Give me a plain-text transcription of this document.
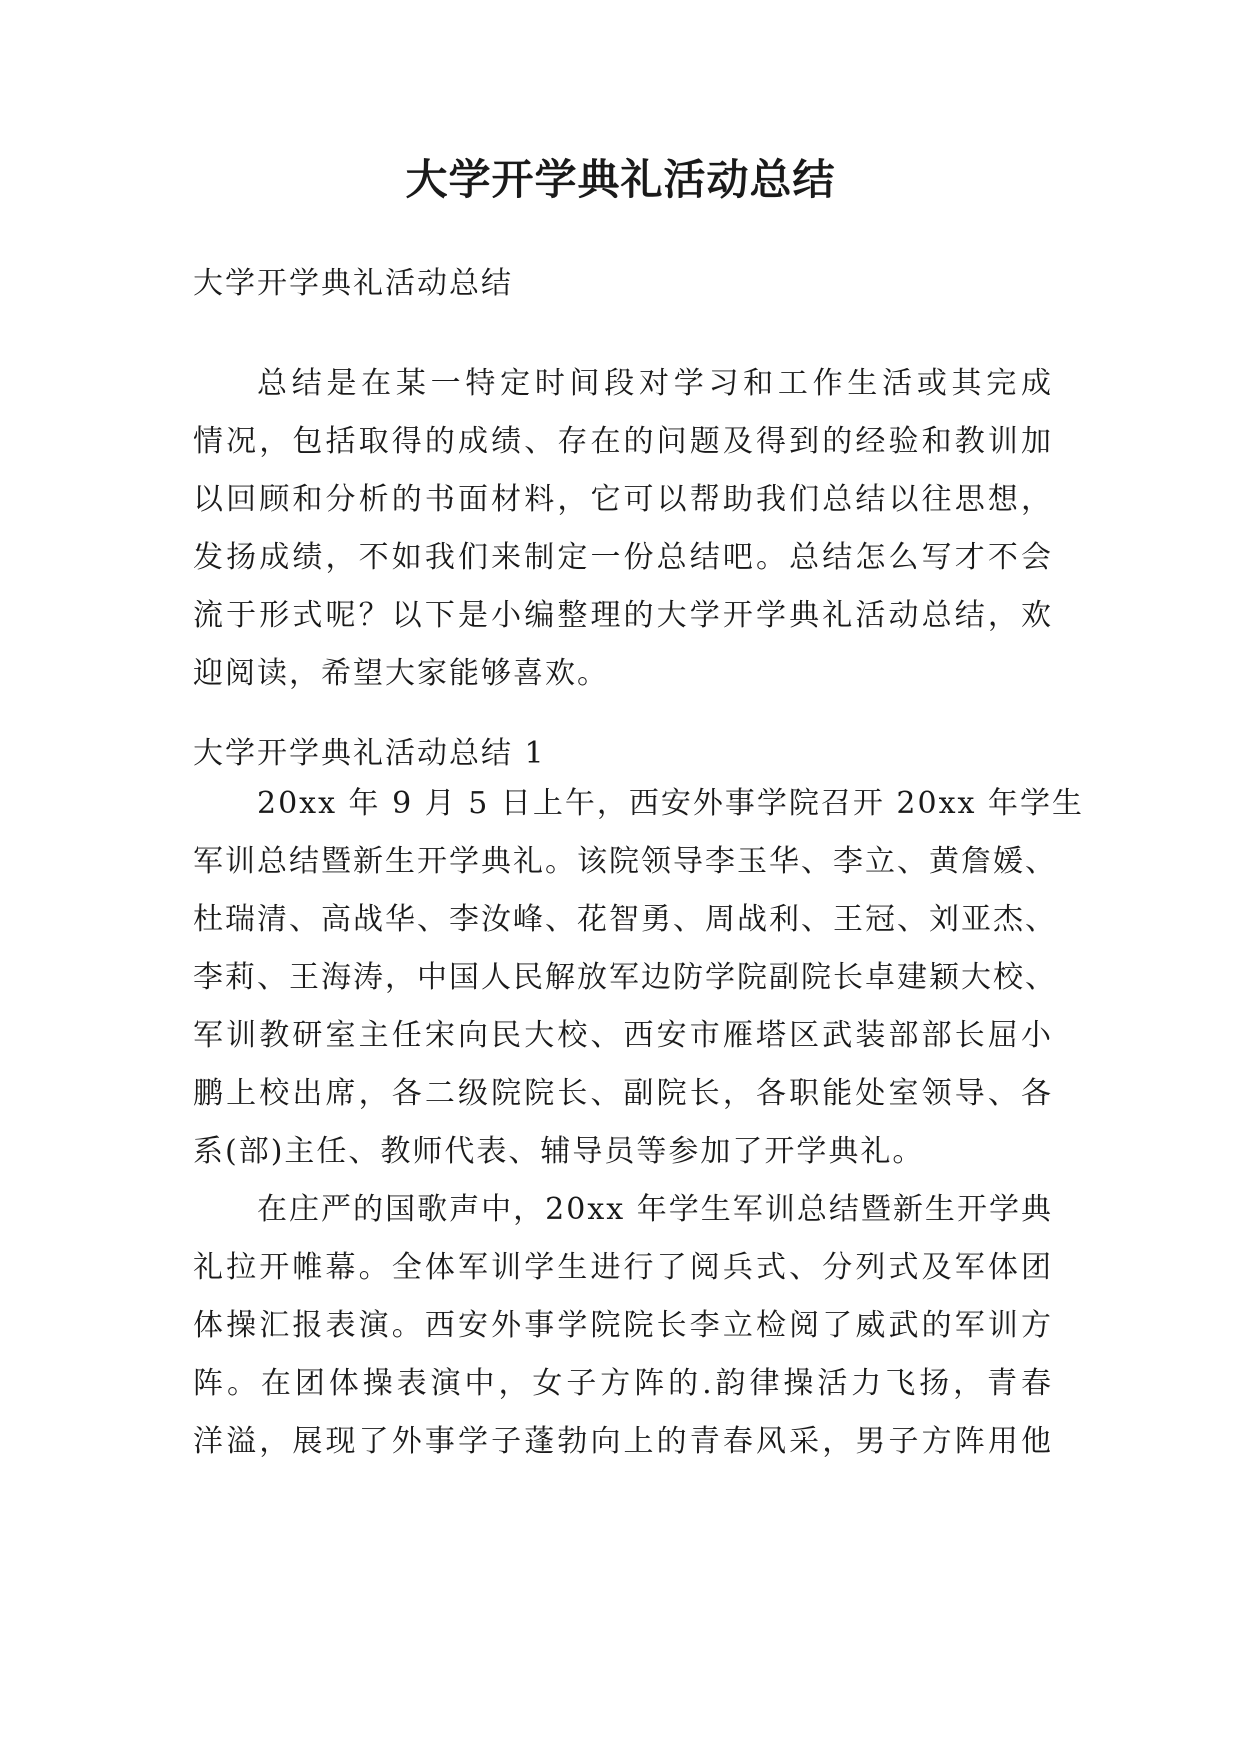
大学开学典礼活动总结

大学开学典礼活动总结

总结是在某一特定时间段对学习和工作生活或其完成
情况，包括取得的成绩、存在的问题及得到的经验和教训加
以回顾和分析的书面材料，它可以帮助我们总结以往思想，
发扬成绩，不如我们来制定一份总结吧。总结怎么写才不会
流于形式呢？以下是小编整理的大学开学典礼活动总结，欢
迎阅读，希望大家能够喜欢。

大学开学典礼活动总结 1

20xx 年 9 月 5 日上午，西安外事学院召开 20xx 年学生
军训总结暨新生开学典礼。该院领导李玉华、李立、黄詹媛、
杜瑞清、高战华、李汝峰、花智勇、周战利、王冠、刘亚杰、
李莉、王海涛，中国人民解放军边防学院副院长卓建颖大校、
军训教研室主任宋向民大校、西安市雁塔区武装部部长屈小
鹏上校出席，各二级院院长、副院长，各职能处室领导、各
系(部)主任、教师代表、辅导员等参加了开学典礼。
在庄严的国歌声中，20xx 年学生军训总结暨新生开学典
礼拉开帷幕。全体军训学生进行了阅兵式、分列式及军体团
体操汇报表演。西安外事学院院长李立检阅了威武的军训方
阵。在团体操表演中，女子方阵的.韵律操活力飞扬，青春
洋溢，展现了外事学子蓬勃向上的青春风采，男子方阵用他
